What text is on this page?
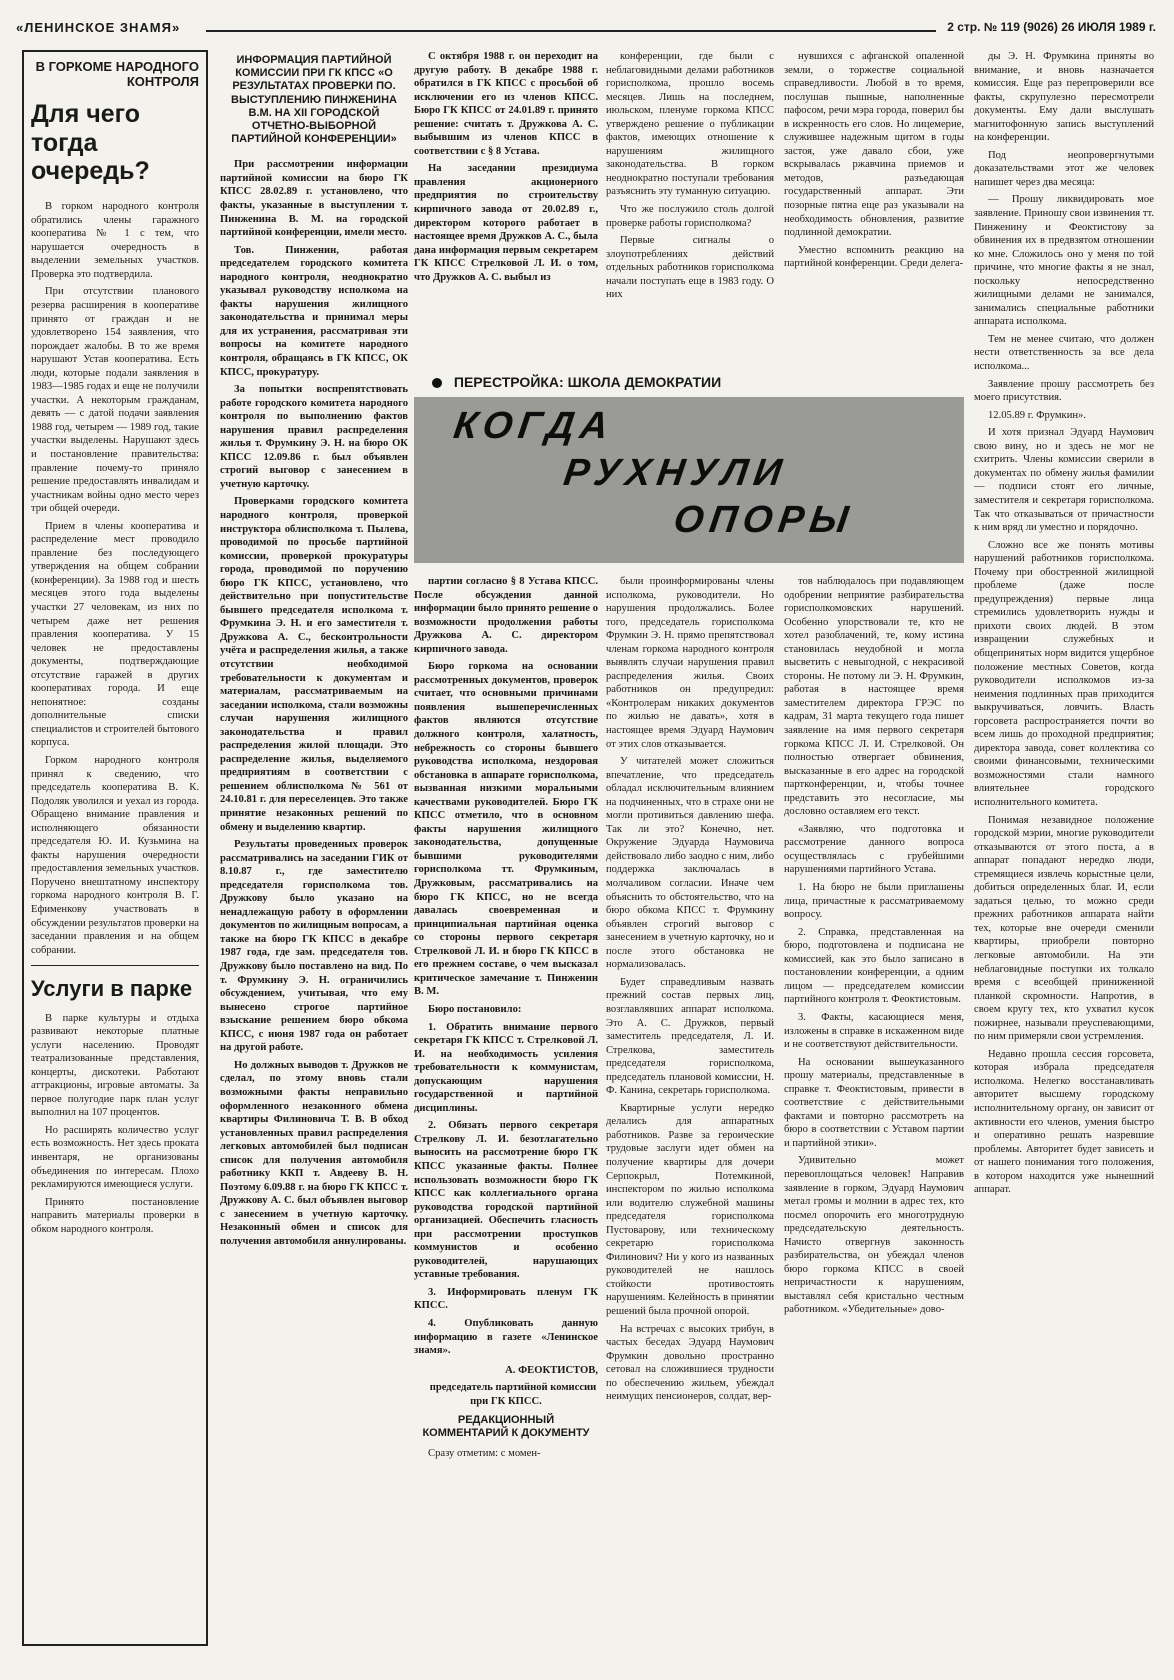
«ЛЕНИНСКОЕ ЗНАМЯ»	2 стр. № 119 (9026) 26 ИЮЛЯ 1989 г.
В ГОРКОМЕ НАРОДНОГО КОНТРОЛЯ
Для чего тогда очередь?

В горком народного контроля обратились члены гаражного кооператива № 1 с тем, что нарушается очередность в выделении земельных участков. Проверка это подтвердила.

При отсутствии планового резерва расширения в кооперативе принято от граждан и не удовлетворено 154 заявления, что порождает жалобы. В то же время нарушают Устав кооператива. Есть люди, которые подали заявления в 1983—1985 годах и еще не получили участки. А некоторым гражданам, девять — с датой подачи заявления 1988 год, четырем — 1989 год, такие участки выделены. Нарушают здесь и постановление правительства: правление почему-то приняло решение предоставлять инвалидам и участникам войны одно место через три общей очереди.

Прием в члены кооператива и распределение мест проводило правление без последующего утверждения на общем собрании (конференции). За 1988 год и шесть месяцев этого года выделены участки 27 человекам, из них по четырем даже нет решения правления кооператива. У 15 человек не предоставлены документы, подтверждающие отсутствие гаражей в других кооперативах города. И еще непонятное: созданы дополнительные списки специалистов и строителей бытового корпуса.

Горком народного контроля принял к сведению, что председатель кооператива В. К. Подоляк уволился и уехал из города. Обращено внимание правления и исполняющего обязанности председателя Ю. И. Кузьмина на факты нарушения очередности предоставления земельных участков. Поручено внештатному инспектору горкома народного контроля В. Г. Ефименкову участвовать в обсуждении результатов проверки на заседании правления и на общем собрании.

Услуги в парке

В парке культуры и отдыха развивают некоторые платные услуги населению. Проводят театрализованные представления, концерты, дискотеки. Работают аттракционы, игровые автоматы. За первое полугодие парк план услуг выполнил на 107 процентов.

Но расширять количество услуг есть возможность. Нет здесь проката инвентаря, не организованы объединения по интересам. Плохо рекламируются имеющиеся услуги.

Принято постановление направить материалы проверки в обком народного контроля.

ИНФОРМАЦИЯ ПАРТИЙНОЙ КОМИССИИ ПРИ ГК КПСС «О РЕЗУЛЬТАТАХ ПРОВЕРКИ ПО. ВЫСТУПЛЕНИЮ ПИНЖЕНИНА В.М. НА XII ГОРОДСКОЙ ОТЧЕТНО-ВЫБОРНОЙ ПАРТИЙНОЙ КОНФЕРЕНЦИИ»

При рассмотрении информации партийной комиссии на бюро ГК КПСС 28.02.89 г. установлено, что факты, указанные в выступлении т. Пинженина В. М. на городской партийной конференции, имели место.

Тов. Пинженин, работая председателем городского комитета народного контроля, неоднократно указывал руководству исполкома на факты нарушения жилищного законодательства и принимал меры для их устранения, рассматривая эти вопросы на комитете народного контроля, обращаясь в ГК КПСС, ОК КПСС, прокуратуру.

За попытки воспрепятствовать работе городского комитета народного контроля по выполнению фактов нарушения правил распределения жилья т. Фрумкину Э. Н. на бюро ОК КПСС 12.09.86 г. был объявлен строгий выговор с занесением в учетную карточку.

Проверками городского комитета народного контроля, проверкой инструктора облисполкома т. Пылева, проводимой по просьбе партийной комиссии, проверкой прокуратуры города, проводимой по поручению бюро ГК КПСС, установлено, что действительно при попустительстве бывшего председателя исполкома т. Фрумкина Э. Н. и его заместителя т. Дружкова А. С., бесконтрольности учёта и распределения жилья, а также отсутствии необходимой требовательности к документам и материалам, рассматриваемым на заседании исполкома, стали возможны случаи нарушения жилищного законодательства и правил распределения жилой площади. Это распределение жилья, выделяемого предприятиям в соответствии с решением облисполкома № 561 от 24.10.81 г. для переселенцев. Это также принятие незаконных решений по обмену и выделению квартир.

Результаты проведенных проверок рассматривались на заседании ГИК от 8.10.87 г., где заместителю председателя горисполкома тов. Дружкову было указано на ненадлежащую работу в оформлении документов по жилищным вопросам, а также на бюро ГК КПСС в декабре 1987 года, где зам. председателя тов. Дружкову было поставлено на вид. По т. Фрумкину Э. Н. ограничились обсуждением, учитывая, что ему вынесено строгое партийное взыскание решением бюро обкома КПСС, с июня 1987 года он работает на другой работе.

Но должных выводов т. Дружков не сделал, по этому вновь стали возможными факты неправильно оформленного незаконного обмена квартиры Филиновича Т. В. В обход установленных правил распределения легковых автомобилей был подписан список для получения автомобиля работнику ККП т. Авдееву В. Н. Поэтому 6.09.88 г. на бюро ГК КПСС т. Дружкову А. С. был объявлен выговор с занесением в учетную карточку. Незаконный обмен и список для получения автомобиля аннулированы.

С октября 1988 г. он переходит на другую работу. В декабре 1988 г. обратился в ГК КПСС с просьбой об исключении его из членов КПСС. Бюро ГК КПСС от 24.01.89 г. принято решение: считать т. Дружкова А. С. выбывшим из членов КПСС в соответствии с § 8 Устава.

На заседании президиума правления акционерного предприятия по строительству кирпичного завода от 20.02.89 г., директором которого работает в настоящее время Дружков А. С., была дана информация первым секретарем ГК КПСС Стрелковой Л. И. о том, что Дружков А. С. выбыл из

конференции, где были с неблаговидными делами работников горисполкома, прошло восемь месяцев. Лишь на последнем, июльском, пленуме горкома КПСС утверждено решение о публикации фактов, имеющих отношение к нарушениям жилищного законодательства. В горком неоднократно поступали требования разъяснить эту туманную ситуацию.

Что же послужило столь долгой проверке работы горисполкома?

Первые сигналы о злоупотреблениях действий отдельных работников горисполкома начали поступать еще в 1983 году. О них

нувшихся с афганской опаленной земли, о торжестве социальной справедливости. Любой в то время, послушав пышные, наполненные пафосом, речи мэра города, поверил бы в искренность его слов. Но лицемерие, служившее надежным щитом в годы застоя, уже давало сбои, уже вскрывалась ржавчина приемов и методов, разъедающая государственный аппарат. Эти позорные пятна еще раз указывали на необходимость обновления, развитие подлинной демократии.

Уместно вспомнить реакцию на партийной конференции. Среди делега-

ПЕРЕСТРОЙКА: ШКОЛА ДЕМОКРАТИИ
КОГДА
РУХНУЛИ
ОПОРЫ

партии согласно § 8 Устава КПСС. После обсуждения данной информации было принято решение о возможности продолжения работы Дружкова А. С. директором кирпичного завода.

Бюро горкома на основании рассмотренных документов, проверок считает, что основными причинами появления вышеперечисленных фактов являются отсутствие должного контроля, халатность, небрежность со стороны бывшего руководства исполкома, нездоровая обстановка в аппарате горисполкома, вызванная низкими моральными качествами руководителей. Бюро ГК КПСС отметило, что в основном факты нарушения жилищного законодательства, допущенные бывшими руководителями горисполкома тт. Фрумкиным, Дружковым, рассматривались на бюро ГК КПСС, но не всегда давалась своевременная и принципиальная партийная оценка со стороны первого секретаря Стрелковой Л. И. и бюро ГК КПСС в его прежнем составе, о чем высказал критическое замечание т. Пинженин В. М.

Бюро постановило:

1. Обратить внимание первого секретаря ГК КПСС т. Стрелковой Л. И. на необходимость усиления требовательности к коммунистам, допускающим нарушения государственной и партийной дисциплины.

2. Обязать первого секретаря Стрелкову Л. И. безотлагательно выносить на рассмотрение бюро ГК КПСС указанные факты. Полнее использовать возможности бюро ГК КПСС как коллегиального органа руководства городской партийной организацией. Обеспечить гласность при рассмотрении проступков коммунистов и особенно руководителей, нарушающих уставные требования.

3. Информировать пленум ГК КПСС.

4. Опубликовать данную информацию в газете «Ленинское знамя».

А. ФЕОКТИСТОВ,

председатель партийной комиссии при ГК КПСС.

РЕДАКЦИОННЫЙ КОММЕНТАРИЙ К ДОКУМЕНТУ

Сразу отметим: с момен-

были проинформированы члены исполкома, руководители. Но нарушения продолжались. Более того, председатель горисполкома Фрумкин Э. Н. прямо препятствовал членам горкома народного контроля выявлять случаи нарушения правил распределения жилья. Своих работников он предупредил: «Контролерам никаких документов по жилью не давать», хотя в настоящее время Эдуард Наумович от этих слов отказывается.

У читателей может сложиться впечатление, что председатель обладал исключительным влиянием на подчиненных, что в страхе они не могли противиться давлению шефа. Так ли это? Конечно, нет. Окружение Эдуарда Наумовича действовало либо заодно с ним, либо поддержка заключалась в молчаливом согласии. Иначе чем объяснить то обстоятельство, что на бюро обкома КПСС т. Фрумкину объявлен строгий выговор с занесением в учетную карточку, но и после этого обстановка не нормализовалась.

Будет справедливым назвать прежний состав первых лиц, возглавлявших аппарат исполкома. Это А. С. Дружков, первый заместитель председателя, Л. И. Стрелкова, заместитель председателя горисполкома, председатель плановой комиссии, Н. Ф. Канина, секретарь горисполкома.

Квартирные услуги нередко делались для аппаратных работников. Разве за героические трудовые заслуги идет обмен на получение квартиры для дочери Серпокрыл, Потемкиной, инспектором по жилью исполкома или водителю служебной машины председателя горисполкома Пустоварову, или техническому секретарю горисполкома Филинович? Ни у кого из названных руководителей не нашлось стойкости противостоять нарушениям. Келейность в принятии решений была прочной опорой.

На встречах с высоких трибун, в частых беседах Эдуард Наумович Фрумкин довольно пространно сетовал на сложившиеся трудности по обеспечению жильем, убеждал неимущих пенсионеров, солдат, вер-

тов наблюдалось при подавляющем одобрении неприятие разбирательства горисполкомовских нарушений. Особенно упорствовали те, кто не хотел разоблачений, те, кому истина становилась неудобной и могла высветить с невыгодной, с некрасивой стороны. Не потому ли Э. Н. Фрумкин, работая в настоящее время заместителем директора ГРЭС по кадрам, 31 марта текущего года пишет заявление на имя первого секретаря горкома КПСС Л. И. Стрелковой. Он полностью отвергает обвинения, высказанные в его адрес на городской партконференции, и, чтобы точнее представить это несогласие, мы дословно оставляем его текст.

«Заявляю, что подготовка и рассмотрение данного вопроса осуществлялась с грубейшими нарушениями партийного Устава.

1. На бюро не были приглашены лица, причастные к рассматриваемому вопросу.

2. Справка, представленная на бюро, подготовлена и подписана не комиссией, как это было записано в постановлении конференции, а одним лицом — председателем комиссии партийного контроля т. Феоктистовым.

3. Факты, касающиеся меня, изложены в справке в искаженном виде и не соответствуют действительности.

На основании вышеуказанного прошу материалы, представленные в справке т. Феоктистовым, привести в соответствие с действительными фактами и повторно рассмотреть на бюро в соответствии с Уставом партии и партийной этики».

Удивительно может перевоплощаться человек! Направив заявление в горком, Эдуард Наумович метал громы и молнии в адрес тех, кто посмел опорочить его многотрудную председательскую деятельность. Начисто отвергнув законность разбирательства, он убеждал членов бюро горкома КПСС в своей непричастности к нарушениям, выставлял себя кристально честным работником. «Убедительные» дово-

ды Э. Н. Фрумкина приняты во внимание, и вновь назначается комиссия. Еще раз перепроверили все факты, скрупулезно пересмотрели документы. Ему дали выслушать магнитофонную запись выступлений на конференции.

Под неопровергнутыми доказательствами этот же человек напишет через два месяца:

— Прошу ликвидировать мое заявление. Приношу свои извинения тт. Пинженину и Феоктистову за обвинения их в предвзятом отношении ко мне. Сложилось оно у меня по той причине, что многие факты я не знал, поскольку непосредственно жилищными делами не занимался, занимались специальные работники аппарата исполкома.

Тем не менее считаю, что должен нести ответственность за все дела исполкома...

Заявление прошу рассмотреть без моего присутствия.

12.05.89 г. Фрумкин».

И хотя признал Эдуард Наумович свою вину, но и здесь не мог не схитрить. Члены комиссии сверили в документах по обмену жилья фамилии — подписи стоят его личные, заместителя и секретаря горисполкома. Так что отказываться от причастности к ним вряд ли уместно и порядочно.

Сложно все же понять мотивы нарушений работников горисполкома. Почему при обостренной жилищной проблеме (даже после предупреждения) первые лица стремились удовлетворить нужды и прихоти своих людей. В этом извращении служебных и общепринятых норм видится ущербное положение местных Советов, когда руководители исполкомов из-за неимения подлинных прав приходится выкручиваться, ловчить. Власть горсовета распространяется почти во всем лишь до проходной предприятия; директора завода, совет коллектива со своими финансовыми, техническими возможностями стали намного влиятельнее городского исполнительного комитета.

Понимая незавидное положение городской мэрии, многие руководители отказываются от этого поста, а в аппарат попадают нередко люди, стремящиеся извлечь корыстные цели, добиться определенных благ. И, если задаться целью, то можно среди прежних работников аппарата найти тех, которые вне очереди сменили квартиры, приобрели повторно легковые автомобили. На эти неблаговидные поступки их толкало время с всеобщей приниженной планкой скромности. Напротив, в своем кругу тех, кто ухватил кусок пожирнее, называли преуспевающими, по ним примеряли свои устремления.

Недавно прошла сессия горсовета, которая избрала председателя исполкома. Нелегко восстанавливать авторитет высшему городскому исполнительному органу, он зависит от активности его членов, умения быстро и оперативно решать назревшие проблемы. Авторитет будет зависеть и от нашего понимания того положения, в котором находится уже нынешний аппарат.
